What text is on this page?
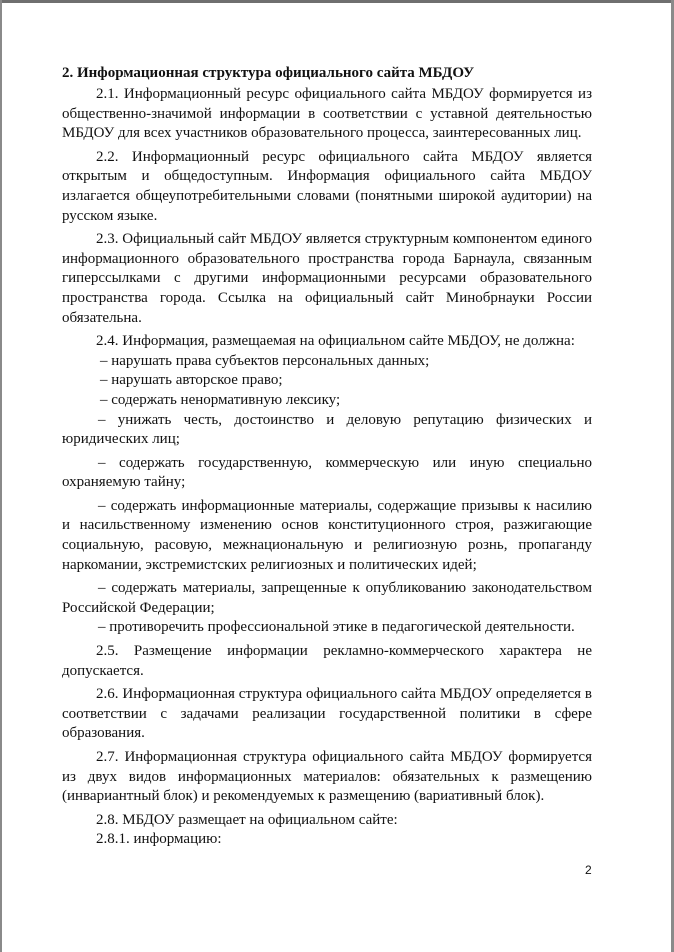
2. Информационная структура официального сайта МБДОУ

2.1. Информационный ресурс официального сайта МБДОУ формируется из общественно-значимой информации в соответствии с уставной деятельностью МБДОУ для всех участников образовательного процесса, заинтересованных лиц.

2.2. Информационный ресурс официального сайта МБДОУ является открытым и общедоступным. Информация официального сайта МБДОУ излагается общеупотребительными словами (понятными широкой аудитории) на русском языке.

2.3. Официальный сайт МБДОУ является структурным компонентом единого информационного образовательного пространства города Барнаула, связанным гиперссылками с другими информационными ресурсами образовательного пространства города. Ссылка на официальный сайт Минобрнауки России обязательна.

2.4. Информация, размещаемая на официальном сайте МБДОУ, не должна:

– нарушать права субъектов персональных данных;

– нарушать авторское право;

– содержать ненормативную лексику;

– унижать честь, достоинство и деловую репутацию физических и юридических лиц;

– содержать государственную, коммерческую или иную специально охраняемую тайну;

– содержать информационные материалы, содержащие призывы к насилию и насильственному изменению основ конституционного строя, разжигающие социальную, расовую, межнациональную и религиозную рознь, пропаганду наркомании, экстремистских религиозных и политических идей;

– содержать материалы, запрещенные к опубликованию законодательством Российской Федерации;

– противоречить профессиональной этике в педагогической деятельности.

2.5. Размещение информации рекламно-коммерческого характера не допускается.

2.6. Информационная структура официального сайта МБДОУ определяется в соответствии с задачами реализации государственной политики в сфере образования.

2.7. Информационная структура официального сайта МБДОУ формируется из двух видов информационных материалов: обязательных к размещению (инвариантный блок) и рекомендуемых к размещению (вариативный блок).

2.8. МБДОУ размещает на официальном сайте:

2.8.1. информацию:

2
